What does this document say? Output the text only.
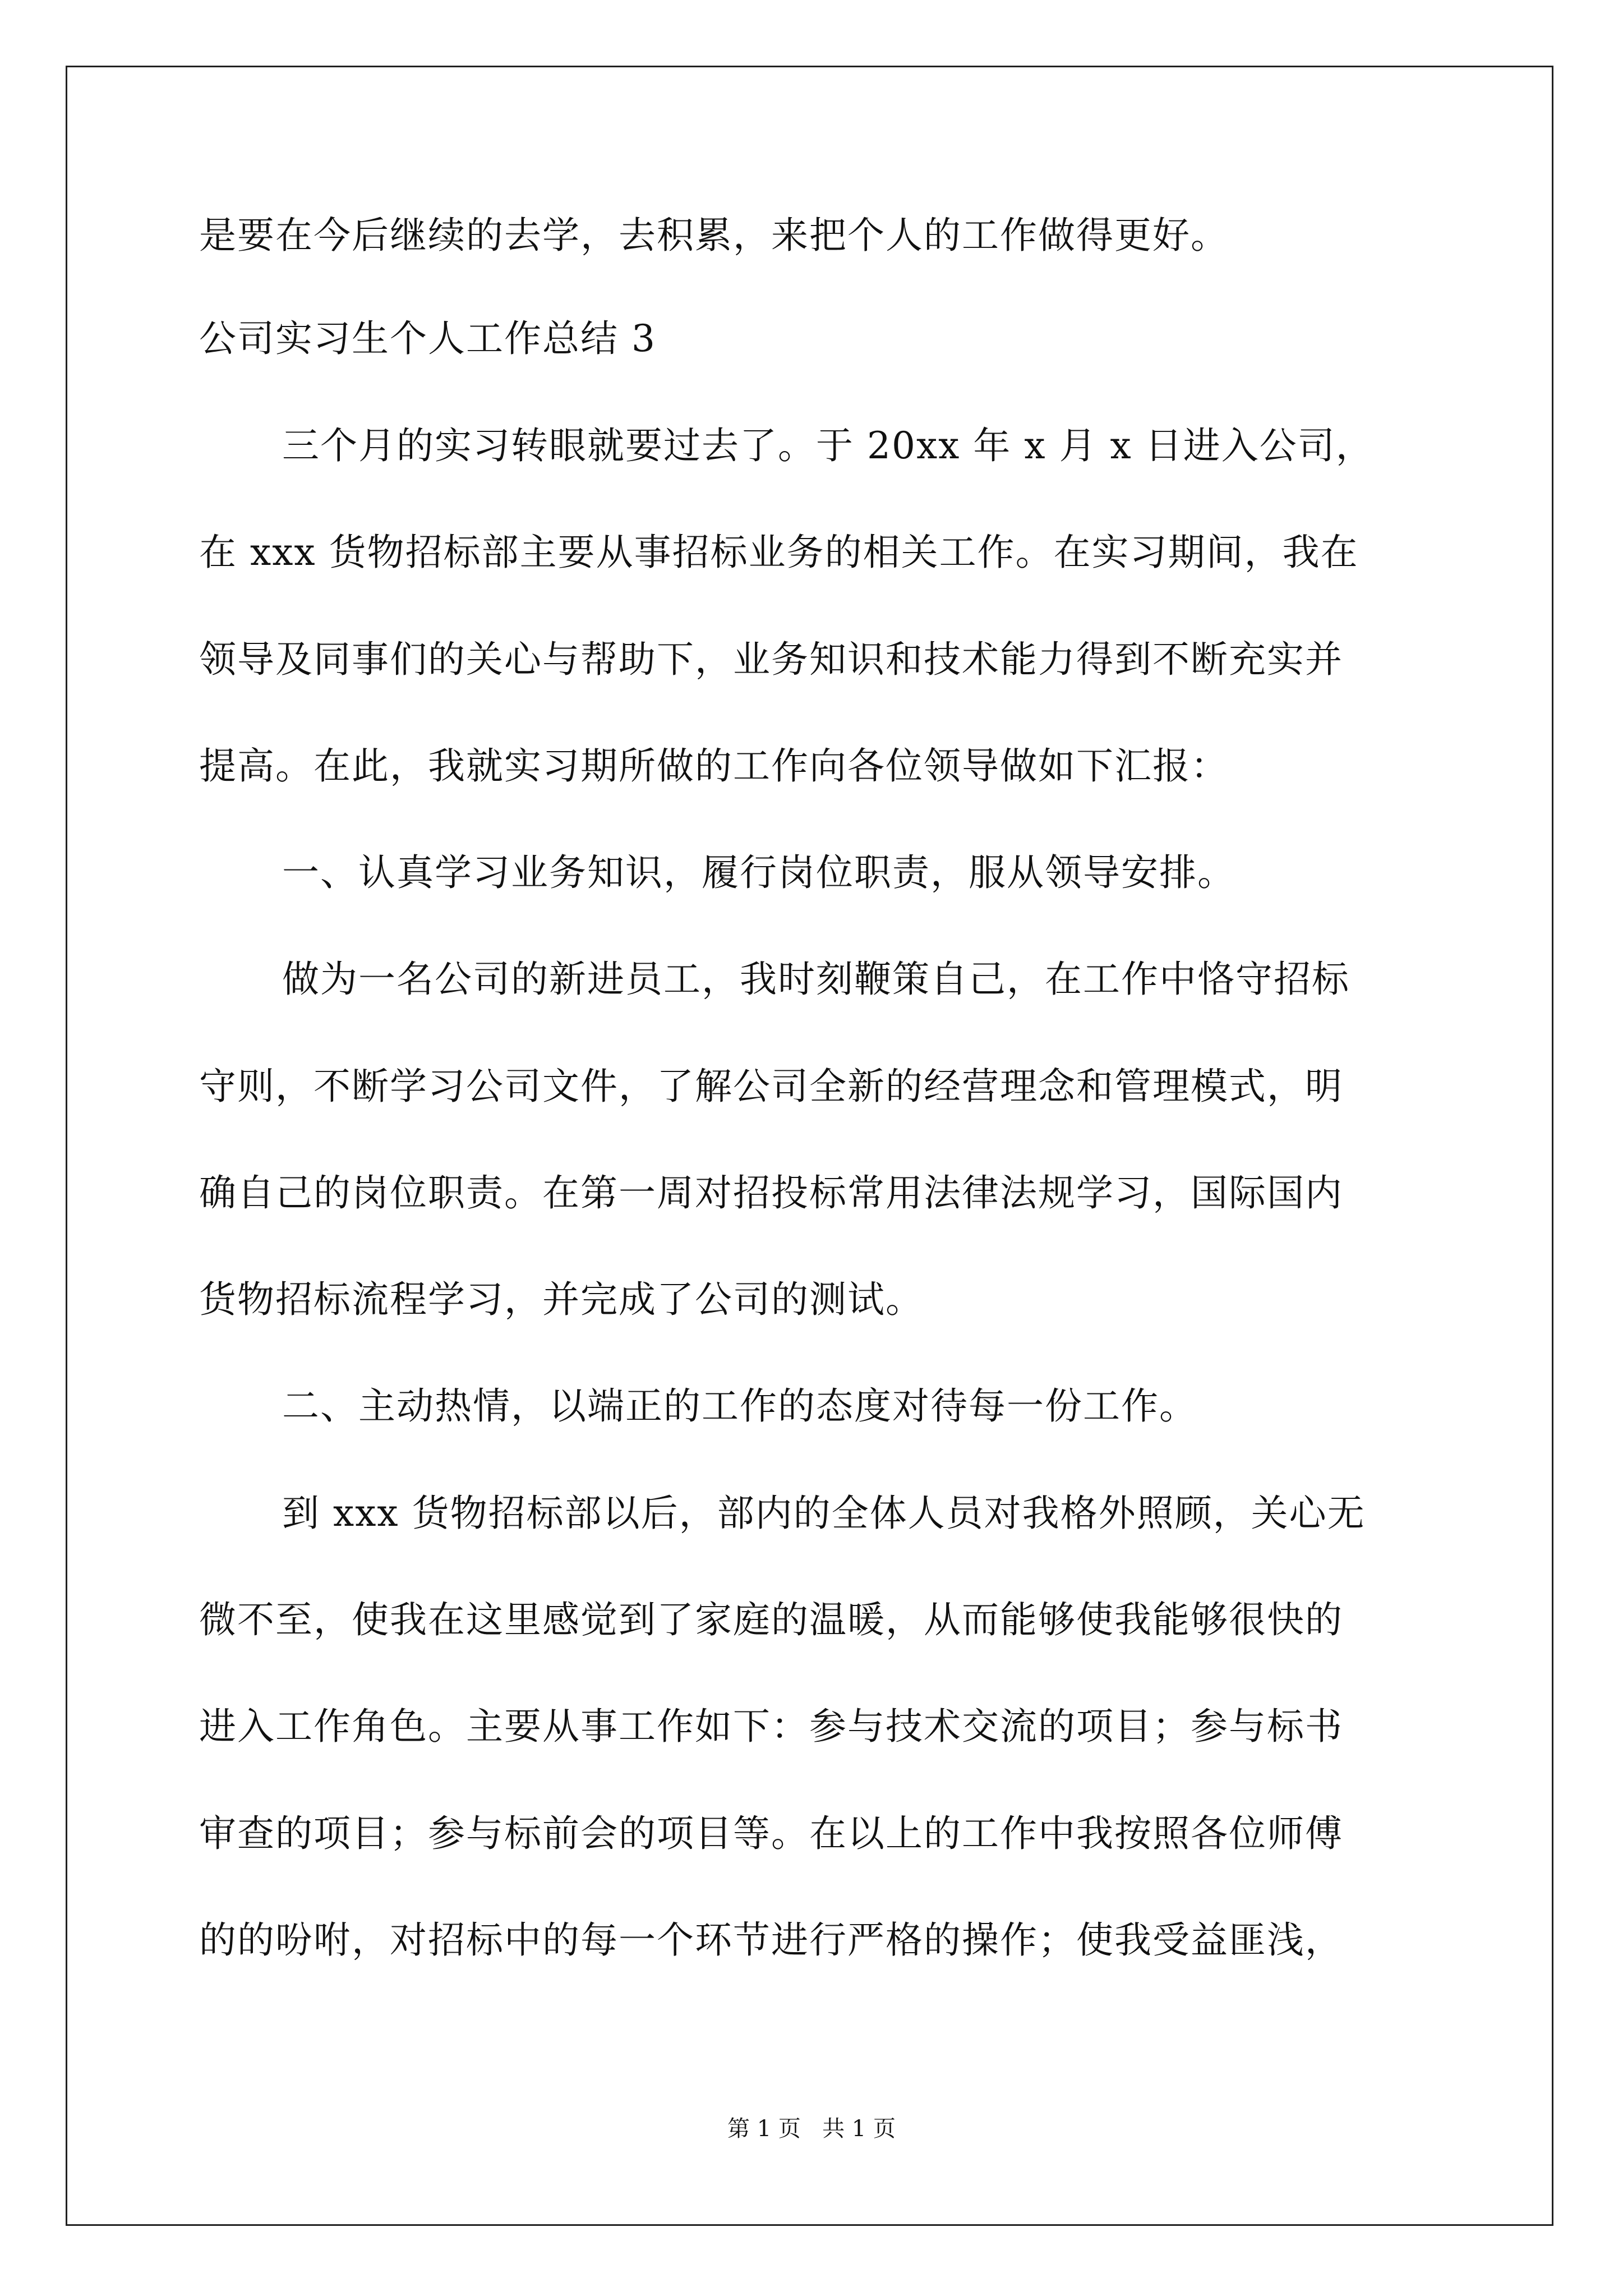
是要在今后继续的去学，去积累，来把个人的工作做得更好。
公司实习生个人工作总结 3
三个月的实习转眼就要过去了。于 20xx 年 x 月 x 日进入公司，
在 xxx 货物招标部主要从事招标业务的相关工作。在实习期间，我在
领导及同事们的关心与帮助下，业务知识和技术能力得到不断充实并
提高。在此，我就实习期所做的工作向各位领导做如下汇报：
一、认真学习业务知识，履行岗位职责，服从领导安排。
做为一名公司的新进员工，我时刻鞭策自己，在工作中恪守招标
守则，不断学习公司文件，了解公司全新的经营理念和管理模式，明
确自己的岗位职责。在第一周对招投标常用法律法规学习，国际国内
货物招标流程学习，并完成了公司的测试。
二、主动热情，以端正的工作的态度对待每一份工作。
到 xxx 货物招标部以后，部内的全体人员对我格外照顾，关心无
微不至，使我在这里感觉到了家庭的温暖，从而能够使我能够很快的
进入工作角色。主要从事工作如下：参与技术交流的项目；参与标书
审查的项目；参与标前会的项目等。在以上的工作中我按照各位师傅
的的吩咐，对招标中的每一个环节进行严格的操作；使我受益匪浅，
第 1 页   共 1 页
